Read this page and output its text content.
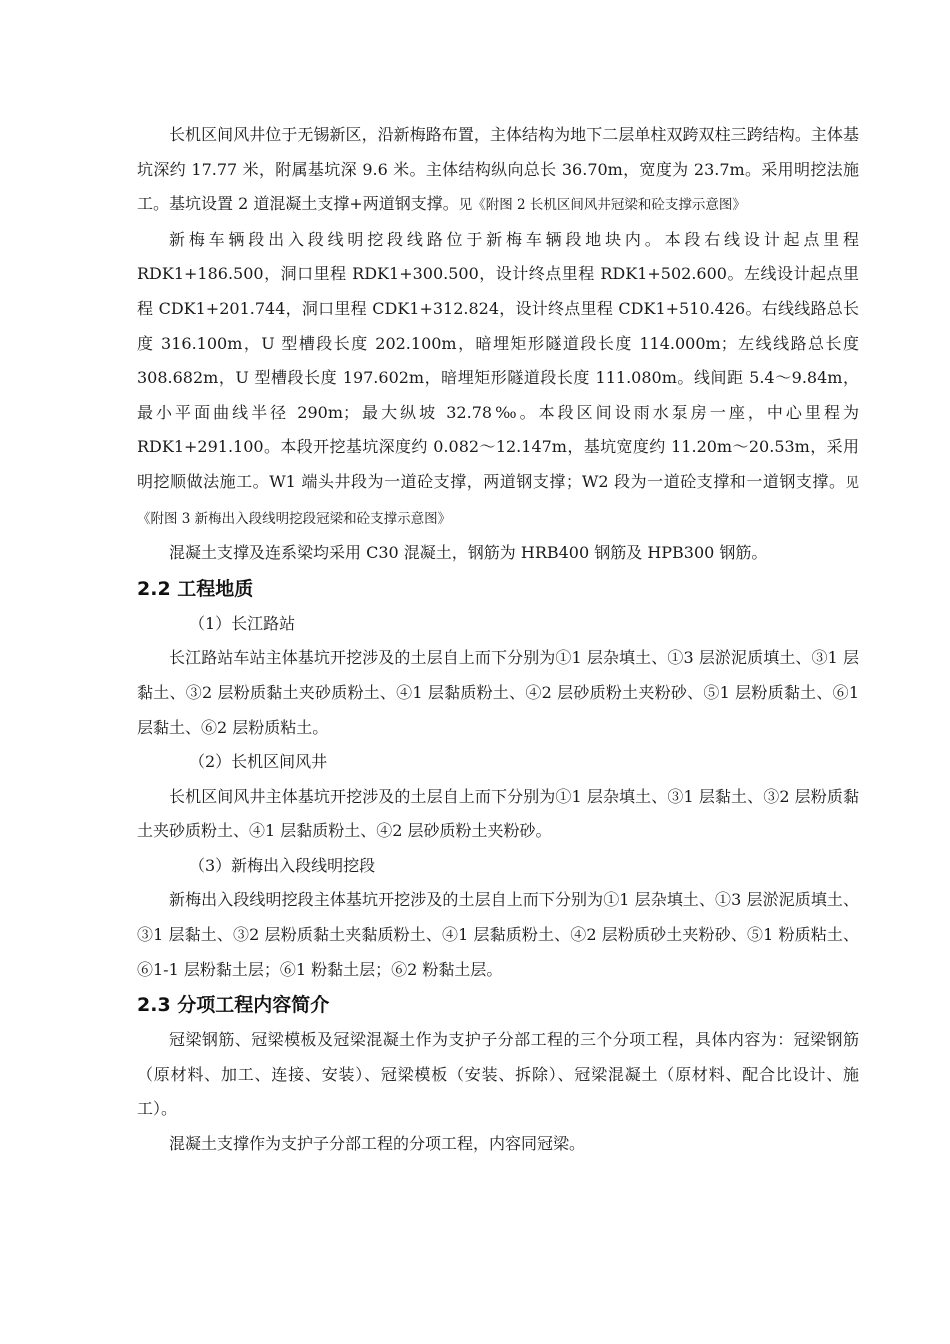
长机区间风井位于无锡新区，沿新梅路布置，主体结构为地下二层单柱双跨双柱三跨结构。主体基坑深约 17.77 米，附属基坑深 9.6 米。主体结构纵向总长 36.70m，宽度为 23.7m。采用明挖法施工。基坑设置 2 道混凝土支撑+两道钢支撑。见《附图 2 长机区间风井冠梁和砼支撑示意图》

新梅车辆段出入段线明挖段线路位于新梅车辆段地块内。本段右线设计起点里程 RDK1+186.500，洞口里程 RDK1+300.500，设计终点里程 RDK1+502.600。左线设计起点里程 CDK1+201.744，洞口里程 CDK1+312.824，设计终点里程 CDK1+510.426。右线线路总长度 316.100m，U 型槽段长度 202.100m，暗埋矩形隧道段长度 114.000m；左线线路总长度 308.682m，U 型槽段长度 197.602m，暗埋矩形隧道段长度 111.080m。线间距 5.4～9.84m，最小平面曲线半径 290m；最大纵坡 32.78‰。本段区间设雨水泵房一座，中心里程为 RDK1+291.100。本段开挖基坑深度约 0.082～12.147m，基坑宽度约 11.20m～20.53m，采用明挖顺做法施工。W1 端头井段为一道砼支撑，两道钢支撑；W2 段为一道砼支撑和一道钢支撑。见《附图 3 新梅出入段线明挖段冠梁和砼支撑示意图》

混凝土支撑及连系梁均采用 C30 混凝土，钢筋为 HRB400 钢筋及 HPB300 钢筋。

2.2 工程地质

（1）长江路站

长江路站车站主体基坑开挖涉及的土层自上而下分别为①1 层杂填土、①3 层淤泥质填土、③1 层黏土、③2 层粉质黏土夹砂质粉土、④1 层黏质粉土、④2 层砂质粉土夹粉砂、⑤1 层粉质黏土、⑥1 层黏土、⑥2 层粉质粘土。

（2）长机区间风井

长机区间风井主体基坑开挖涉及的土层自上而下分别为①1 层杂填土、③1 层黏土、③2 层粉质黏土夹砂质粉土、④1 层黏质粉土、④2 层砂质粉土夹粉砂。

（3）新梅出入段线明挖段

新梅出入段线明挖段主体基坑开挖涉及的土层自上而下分别为①1 层杂填土、①3 层淤泥质填土、③1 层黏土、③2 层粉质黏土夹黏质粉土、④1 层黏质粉土、④2 层粉质砂土夹粉砂、⑤1 粉质粘土、⑥1-1 层粉黏土层；⑥1 粉黏土层；⑥2 粉黏土层。

2.3 分项工程内容简介

冠梁钢筋、冠梁模板及冠梁混凝土作为支护子分部工程的三个分项工程，具体内容为：冠梁钢筋（原材料、加工、连接、安装）、冠梁模板（安装、拆除）、冠梁混凝土（原材料、配合比设计、施工）。

混凝土支撑作为支护子分部工程的分项工程，内容同冠梁。
